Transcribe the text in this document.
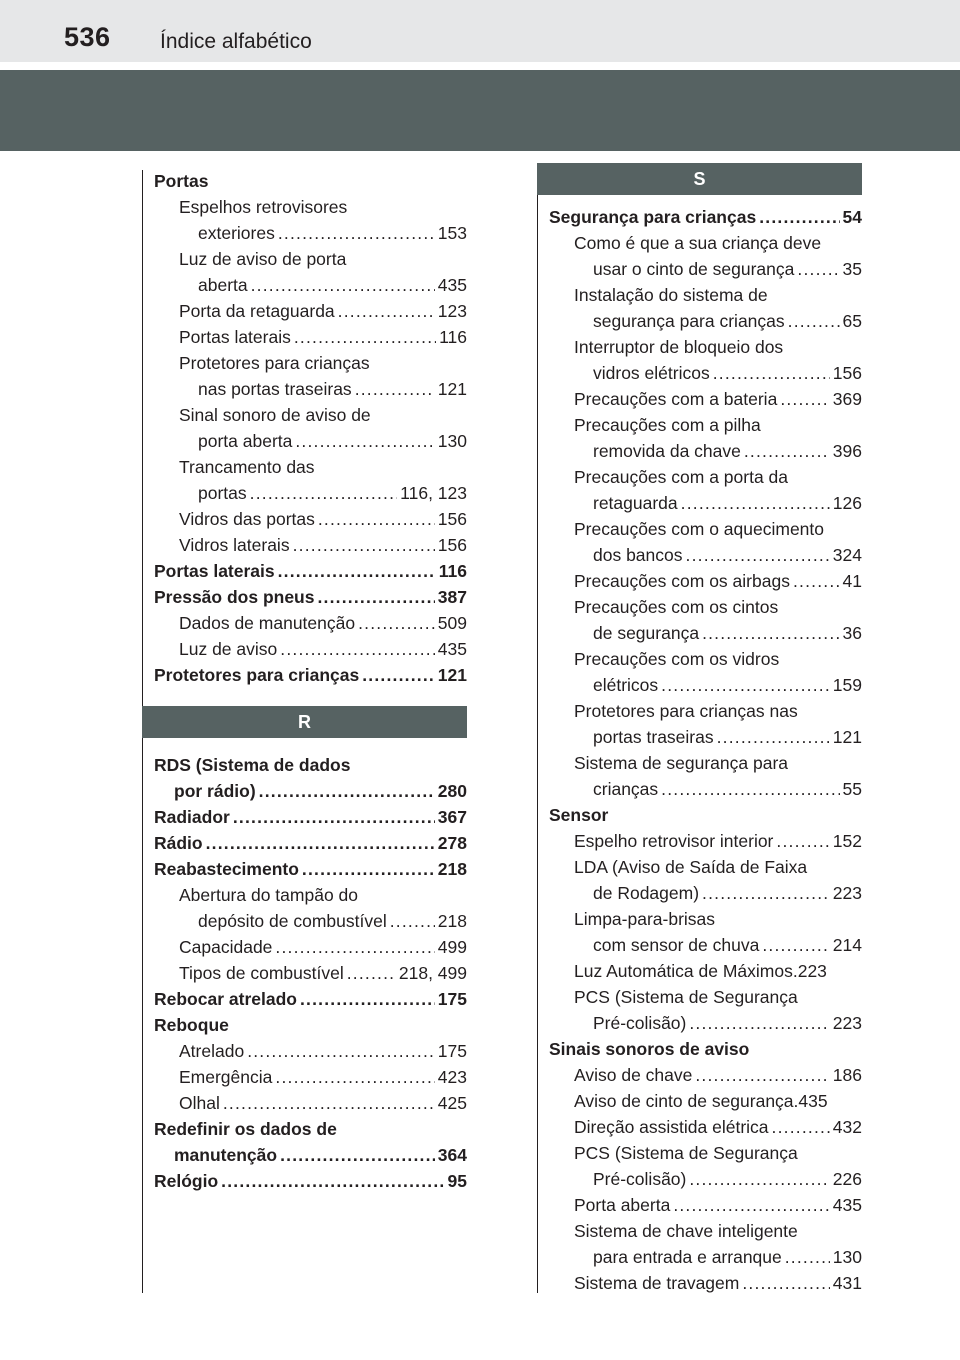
536 Índice alfabético
Portas
Espelhos retrovisores
exteriores .....	153
Luz de aviso de porta
aberta .....	435
Porta da retaguarda .....	123
Portas laterais .....	116
Protetores para crianças
nas portas traseiras .....	121
Sinal sonoro de aviso de
porta aberta .....	130
Trancamento das
portas .....	116, 123
Vidros das portas .....	156
Vidros laterais .....	156
Portas laterais .....	116
Pressão dos pneus .....	387
Dados de manutenção .....	509
Luz de aviso .....	435
Protetores para crianças .....	121
R
RDS (Sistema de dados
por rádio) .....	280
Radiador .....	367
Rádio .....	278
Reabastecimento .....	218
Abertura do tampão do
depósito de combustível .....	218
Capacidade .....	499
Tipos de combustível .....	218, 499
Rebocar atrelado .....	175
Reboque
Atrelado .....	175
Emergência .....	423
Olhal .....	425
Redefinir os dados de
manutenção .....	364
Relógio .....	95
S
Segurança para crianças .....	54
Como é que a sua criança deve
usar o cinto de segurança .....	35
Instalação do sistema de
segurança para crianças .....	65
Interruptor de bloqueio dos
vidros elétricos .....	156
Precauções com a bateria .....	369
Precauções com a pilha
removida da chave .....	396
Precauções com a porta da
retaguarda .....	126
Precauções com o aquecimento
dos bancos .....	324
Precauções com os airbags .....	41
Precauções com os cintos
de segurança .....	36
Precauções com os vidros
elétricos .....	159
Protetores para crianças nas
portas traseiras .....	121
Sistema de segurança para
crianças .....	55
Sensor
Espelho retrovisor interior .....	152
LDA (Aviso de Saída de Faixa
de Rodagem) .....	223
Limpa-para-brisas
com sensor de chuva .....	214
Luz Automática de Máximos. 223
PCS (Sistema de Segurança
Pré-colisão) .....	223
Sinais sonoros de aviso
Aviso de chave .....	186
Aviso de cinto de segurança. 435
Direção assistida elétrica .....	432
PCS (Sistema de Segurança
Pré-colisão) .....	226
Porta aberta .....	435
Sistema de chave inteligente
para entrada e arranque .....	130
Sistema de travagem .....	431
